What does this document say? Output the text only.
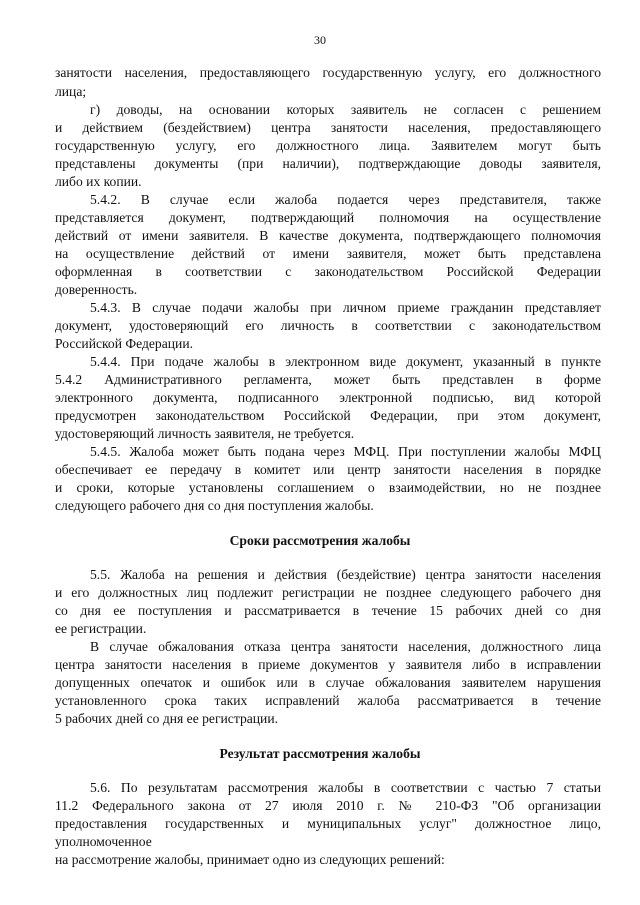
30
занятости населения, предоставляющего государственную услугу, его должностного
лица;
г) доводы, на основании которых заявитель не согласен с решением
и действием (бездействием) центра занятости населения, предоставляющего
государственную услугу, его должностного лица. Заявителем могут быть
представлены документы (при наличии), подтверждающие доводы заявителя,
либо их копии.
5.4.2. В случае если жалоба подается через представителя, также
представляется документ, подтверждающий полномочия на осуществление
действий от имени заявителя. В качестве документа, подтверждающего полномочия
на осуществление действий от имени заявителя, может быть представлена
оформленная в соответствии с законодательством Российской Федерации
доверенность.
5.4.3. В случае подачи жалобы при личном приеме гражданин представляет
документ, удостоверяющий его личность в соответствии с законодательством
Российской Федерации.
5.4.4. При подаче жалобы в электронном виде документ, указанный в пункте
5.4.2 Административного регламента, может быть представлен в форме
электронного документа, подписанного электронной подписью, вид которой
предусмотрен законодательством Российской Федерации, при этом документ,
удостоверяющий личность заявителя, не требуется.
5.4.5. Жалоба может быть подана через МФЦ. При поступлении жалобы МФЦ
обеспечивает ее передачу в комитет или центр занятости населения в порядке
и сроки, которые установлены соглашением о взаимодействии, но не позднее
следующего рабочего дня со дня поступления жалобы.
Сроки рассмотрения жалобы
5.5. Жалоба на решения и действия (бездействие) центра занятости населения
и его должностных лиц подлежит регистрации не позднее следующего рабочего дня
со дня ее поступления и рассматривается в течение 15 рабочих дней со дня
ее регистрации.
В случае обжалования отказа центра занятости населения, должностного лица
центра занятости населения в приеме документов у заявителя либо в исправлении
допущенных опечаток и ошибок или в случае обжалования заявителем нарушения
установленного срока таких исправлений жалоба рассматривается в течение
5 рабочих дней со дня ее регистрации.
Результат рассмотрения жалобы
5.6. По результатам рассмотрения жалобы в соответствии с частью 7 статьи
11.2 Федерального закона от 27 июля 2010 г. № 210-ФЗ "Об организации
предоставления государственных и муниципальных услуг" должностное лицо,
уполномоченное
на рассмотрение жалобы, принимает одно из следующих решений:
